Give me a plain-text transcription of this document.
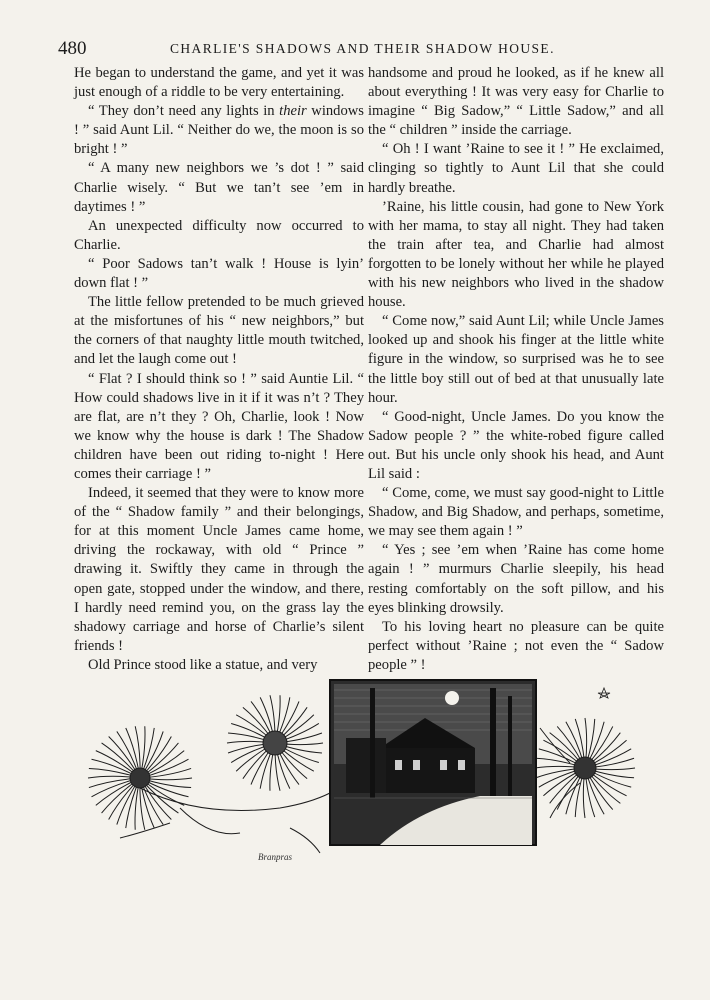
480	CHARLIE'S SHADOWS AND THEIR SHADOW HOUSE.

He began to understand the game, and yet it was just enough of a riddle to be very entertaining.

“ They don’t need any lights in their windows ! ” said Aunt Lil. “ Neither do we, the moon is so bright ! ”

“ A many new neighbors we ’s dot ! ” said Charlie wisely. “ But we tan’t see ’em in daytimes ! ”

An unexpected difficulty now occurred to Charlie.

“ Poor Sadows tan’t walk ! House is lyin’ down flat ! ”

The little fellow pretended to be much grieved at the misfortunes of his “ new neighbors,” but the corners of that naughty little mouth twitched, and let the laugh come out !

“ Flat ? I should think so ! ” said Auntie Lil. “ How could shadows live in it if it was n’t ? They are flat, are n’t they ? Oh, Charlie, look ! Now we know why the house is dark ! The Shadow children have been out riding to-night ! Here comes their carriage ! ”

Indeed, it seemed that they were to know more of the “ Shadow family ” and their belongings, for at this moment Uncle James came home, driving the rockaway, with old “ Prince ” drawing it. Swiftly they came in through the open gate, stopped under the window, and there, I hardly need remind you, on the grass lay the shadowy carriage and horse of Charlie’s silent friends !

Old Prince stood like a statue, and very

handsome and proud he looked, as if he knew all about everything ! It was very easy for Charlie to imagine “ Big Sadow,” “ Little Sadow,” and all the “ children ” inside the carriage.

“ Oh ! I want ’Raine to see it ! ” He exclaimed, clinging so tightly to Aunt Lil that she could hardly breathe.

’Raine, his little cousin, had gone to New York with her mama, to stay all night. They had taken the train after tea, and Charlie had almost forgotten to be lonely without her while he played with his new neighbors who lived in the shadow house.

“ Come now,” said Aunt Lil; while Uncle James looked up and shook his finger at the little white figure in the window, so surprised was he to see the little boy still out of bed at that unusually late hour.

“ Good-night, Uncle James. Do you know the Sadow people ? ” the white-robed figure called out. But his uncle only shook his head, and Aunt Lil said :

“ Come, come, we must say good-night to Little Shadow, and Big Shadow, and perhaps, sometime, we may see them again ! ”

“ Yes ; see ’em when ’Raine has come home again ! ” murmurs Charlie sleepily, his head resting comfortably on the soft pillow, and his eyes blinking drowsily.

To his loving heart no pleasure can be quite perfect without ’Raine ; not even the “ Sadow people ” !

Branpras
